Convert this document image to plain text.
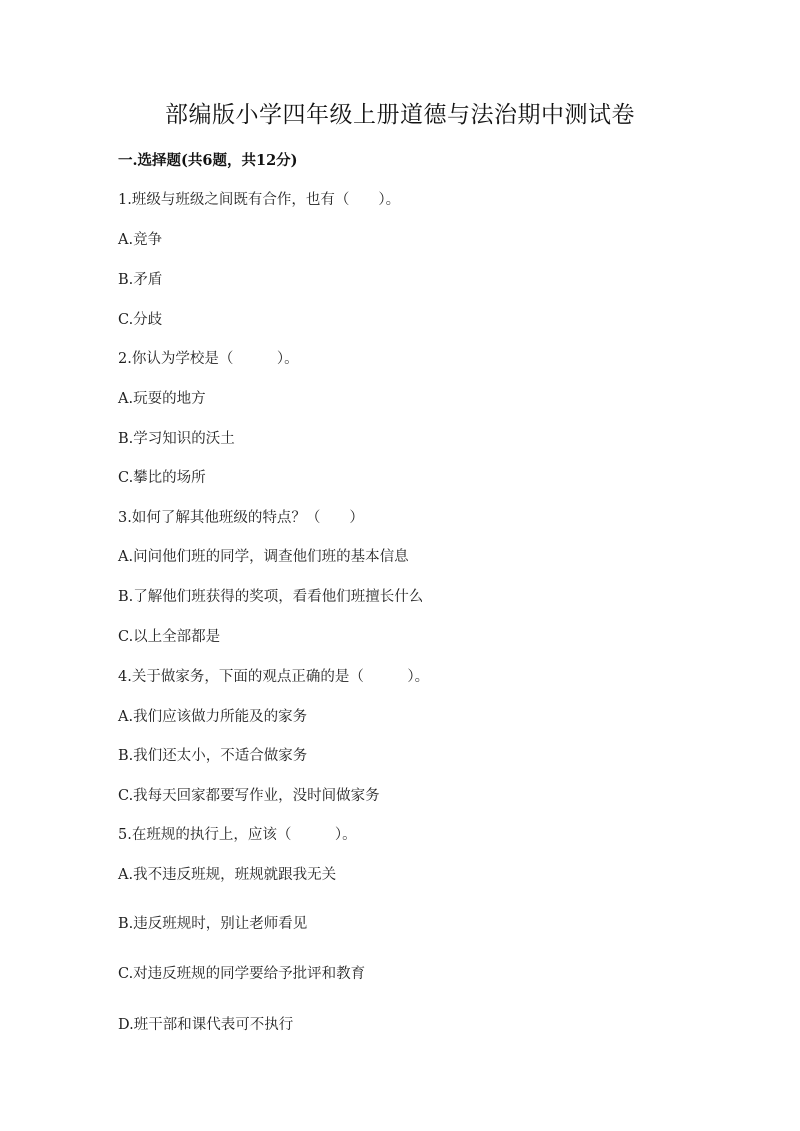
部编版小学四年级上册道德与法治期中测试卷
一.选择题(共6题，共12分)
1.班级与班级之间既有合作，也有（　　）。
A.竞争
B.矛盾
C.分歧
2.你认为学校是（　　　）。
A.玩耍的地方
B.学习知识的沃土
C.攀比的场所
3.如何了解其他班级的特点？（　　）
A.问问他们班的同学，调查他们班的基本信息
B.了解他们班获得的奖项，看看他们班擅长什么
C.以上全部都是
4.关于做家务，下面的观点正确的是（　　　）。
A.我们应该做力所能及的家务
B.我们还太小，不适合做家务
C.我每天回家都要写作业，没时间做家务
5.在班规的执行上，应该（　　　）。
A.我不违反班规，班规就跟我无关
B.违反班规时，别让老师看见
C.对违反班规的同学要给予批评和教育
D.班干部和课代表可不执行
